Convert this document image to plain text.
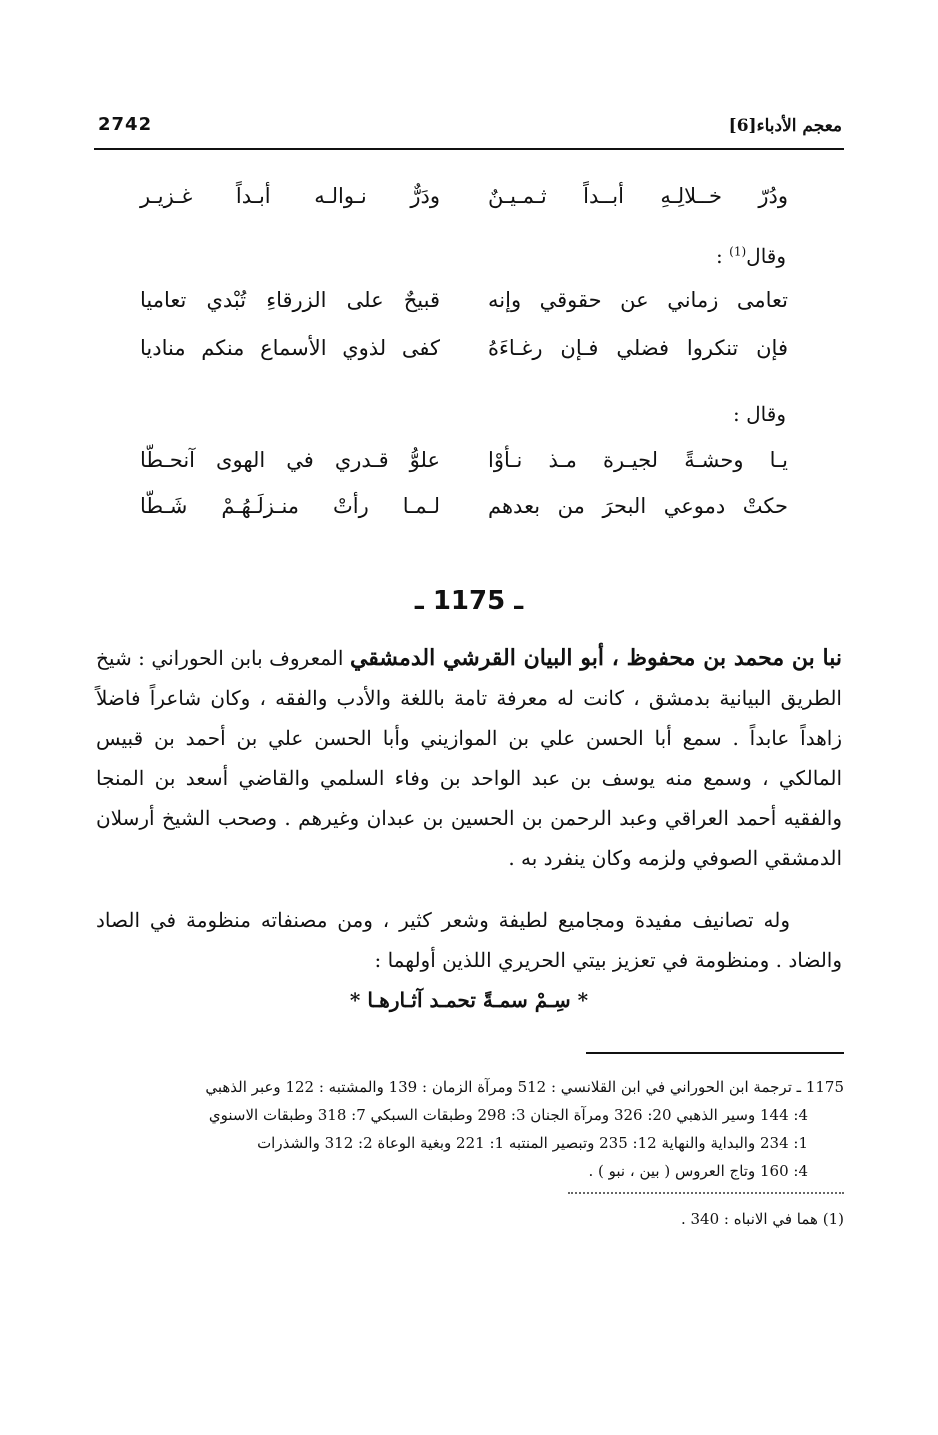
معجم الأدباء[6]
2742
ودُرّ خــلالِـهِ أبــداً ثـمـيـنٌ
ودَرٌّ نـوالـه أبـداً غـزيـر
وقال$^{(1)}$ :
تعامى زماني عن حقوقي وإنه
قبيحٌ على الزرقاءِ تُبْدي تعاميا
فإن تنكروا فضلي فـإن رغـاءَهُ
كفى لذوي الأسماع منكم مناديا
وقال :
يـا وحشـةً لجيـرة مـذ نـأوْا
علوُّ قـدري في الهوى آنحـطّا
حكتْ دموعي البحرَ من بعدهم
لـمـا رأتْ منـزلَـهُـمْ شَـطّا
ـ 1175 ـ
نبا بن محمد بن محفوظ ، أبو البيان القرشي الدمشقي المعروف بابن الحوراني : شيخ الطريق البيانية بدمشق ، كانت له معرفة تامة باللغة والأدب والفقه ، وكان شاعراً فاضلاً زاهداً عابداً . سمع أبا الحسن علي بن الموازيني وأبا الحسن علي بن أحمد بن قبيس المالكي ، وسمع منه يوسف بن عبد الواحد بن وفاء السلمي والقاضي أسعد بن المنجا والفقيه أحمد العراقي وعبد الرحمن بن الحسين بن عبدان وغيرهم . وصحب الشيخ أرسلان الدمشقي الصوفي ولزمه وكان ينفرد به .
وله تصانيف مفيدة ومجاميع لطيفة وشعر كثير ، ومن مصنفاته منظومة في الصاد والضاد . ومنظومة في تعزيز بيتي الحريري اللذين أولهما :
* سِـمْ سمـةً تحمـد آثـارهـا *
1175 ـ ترجمة ابن الحوراني في ابن القلانسي : 512 ومرآة الزمان : 139 والمشتبه : 122 وعبر الذهبي
4: 144 وسير الذهبي 20: 326 ومرآة الجنان 3: 298 وطبقات السبكي 7: 318 وطبقات الاسنوي
1: 234 والبداية والنهاية 12: 235 وتبصير المنتبه 1: 221 وبغية الوعاة 2: 312 والشذرات
4: 160 وتاج العروس ( بين ، نبو ) .
(1) هما في الانباه : 340 .
